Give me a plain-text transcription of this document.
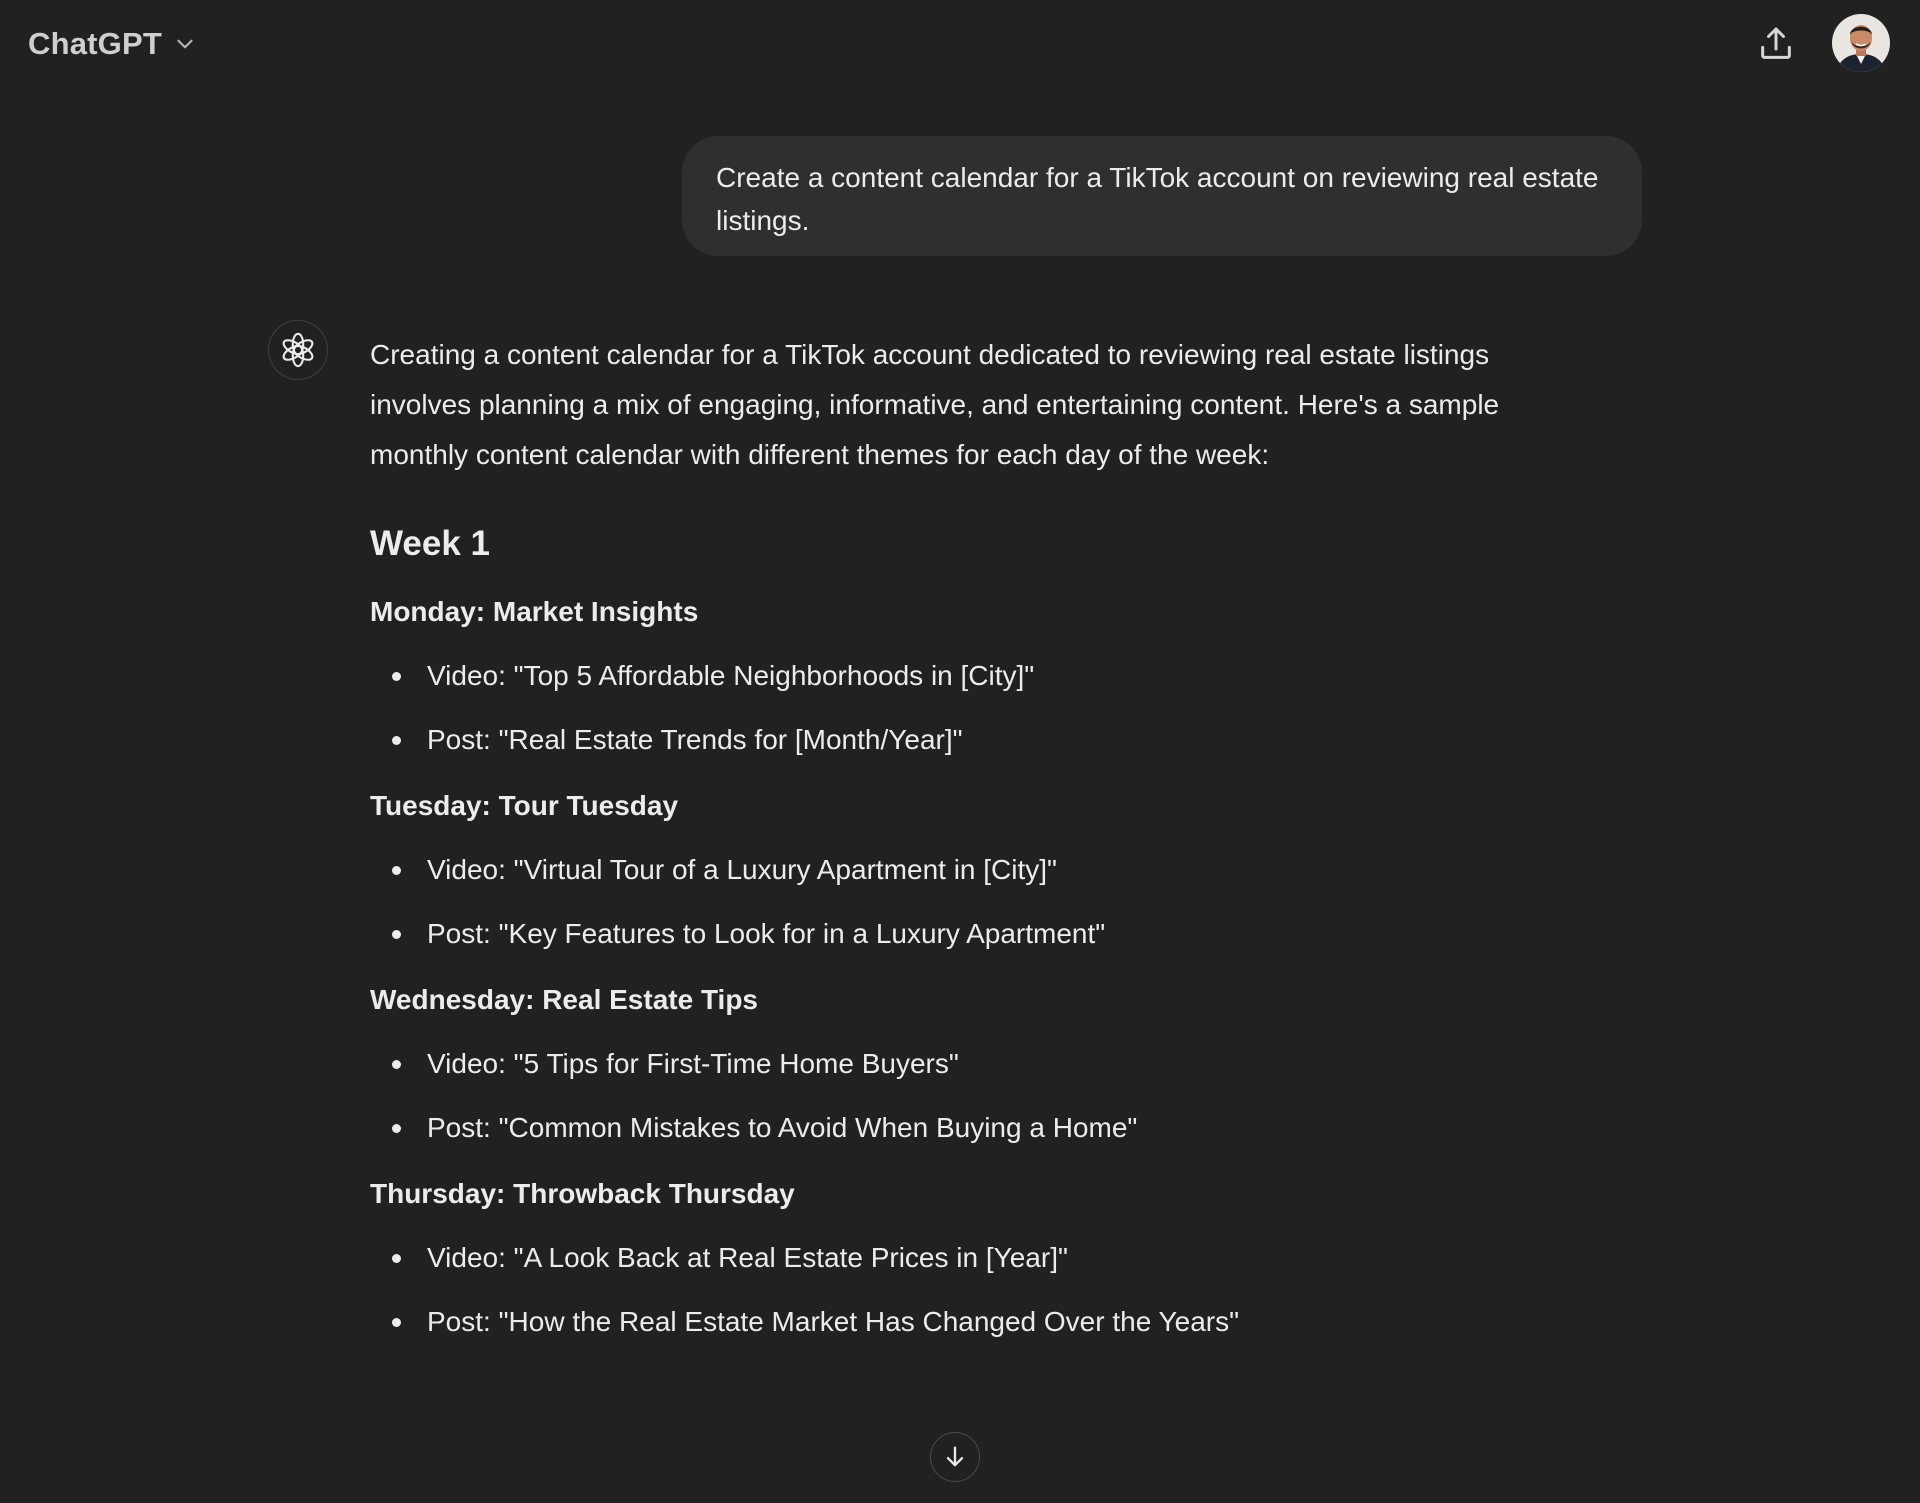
ChatGPT
Create a content calendar for a TikTok account on reviewing real estate listings.

Creating a content calendar for a TikTok account dedicated to reviewing real estate listings involves planning a mix of engaging, informative, and entertaining content. Here's a sample monthly content calendar with different themes for each day of the week:

Week 1
Monday: Market Insights
Video: "Top 5 Affordable Neighborhoods in [City]"
Post: "Real Estate Trends for [Month/Year]"
Tuesday: Tour Tuesday
Video: "Virtual Tour of a Luxury Apartment in [City]"
Post: "Key Features to Look for in a Luxury Apartment"
Wednesday: Real Estate Tips
Video: "5 Tips for First-Time Home Buyers"
Post: "Common Mistakes to Avoid When Buying a Home"
Thursday: Throwback Thursday
Video: "A Look Back at Real Estate Prices in [Year]"
Post: "How the Real Estate Market Has Changed Over the Years"
